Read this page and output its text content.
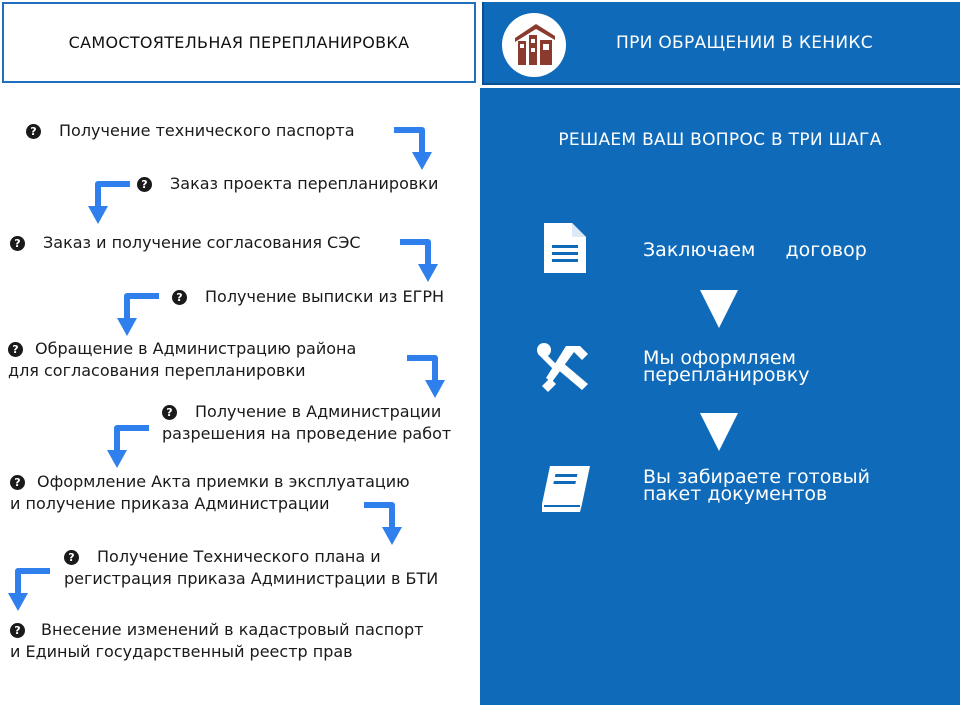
САМОСТОЯТЕЛЬНАЯ ПЕРЕПЛАНИРОВКА	ПРИ ОБРАЩЕНИИ В КЕНИКС
? Получение технического паспорта
? Заказ проекта перепланировки
? Заказ и получение согласования СЭС
? Получение выписки из ЕГРН
? Обращение в Администрацию района
для согласования перепланировки
? Получение в Администрации
разрешения на проведение работ
? Оформление Акта приемки в эксплуатацию
и получение приказа Администрации
? Получение Технического плана и
регистрация приказа Администрации в БТИ
? Внесение изменений в кадастровый паспорт
и Единый государственный реестр прав
РЕШАЕМ ВАШ ВОПРОС В ТРИ ШАГА
Заключаем     договор
Мы оформляем
перепланировку
Вы забираете готовый
пакет документов
